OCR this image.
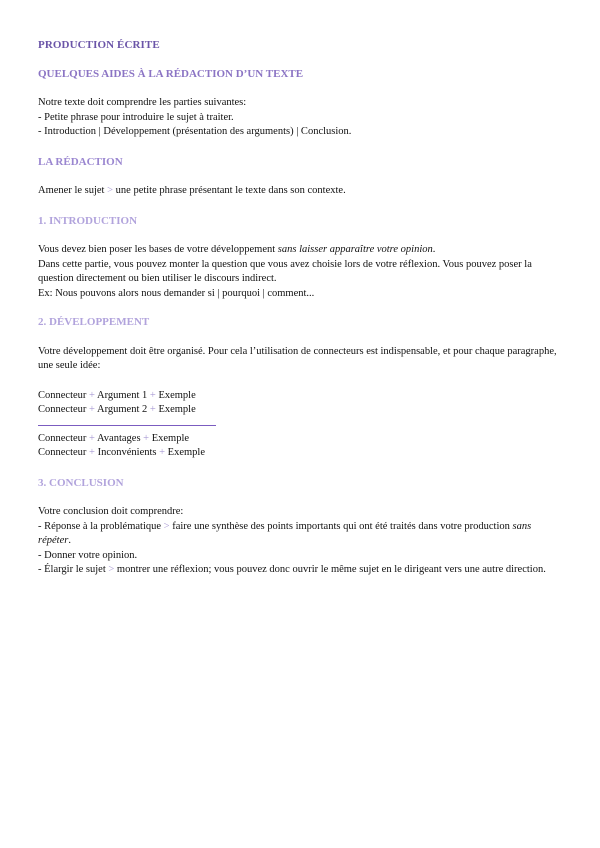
PRODUCTION ÉCRITE
QUELQUES AIDES À LA RÉDACTION D’UN TEXTE
Notre texte doit comprendre les parties suivantes:
- Petite phrase pour introduire le sujet à traiter.
- Introduction | Développement (présentation des arguments) | Conclusion.
LA RÉDACTION
Amener le sujet > une petite phrase présentant le texte dans son contexte.
1. INTRODUCTION
Vous devez bien poser les bases de votre développement sans laisser apparaître votre opinion.
Dans cette partie, vous pouvez monter la question que vous avez choisie lors de votre réflexion. Vous pouvez poser la question directement ou bien utiliser le discours indirect.
Ex: Nous pouvons alors nous demander si | pourquoi | comment...
2. DÉVELOPPEMENT
Votre développement doit être organisé. Pour cela l’utilisation de connecteurs est indispensable, et pour chaque paragraphe, une seule idée:
Connecteur + Argument 1 + Exemple
Connecteur + Argument 2 + Exemple
Connecteur + Avantages + Exemple
Connecteur + Inconvénients + Exemple
3. CONCLUSION
Votre conclusion doit comprendre:
- Réponse à la problématique > faire une synthèse des points importants qui ont été traités dans votre production sans répéter.
- Donner votre opinion.
- Élargir le sujet > montrer une réflexion; vous pouvez donc ouvrir le même sujet en le dirigeant vers une autre direction.
